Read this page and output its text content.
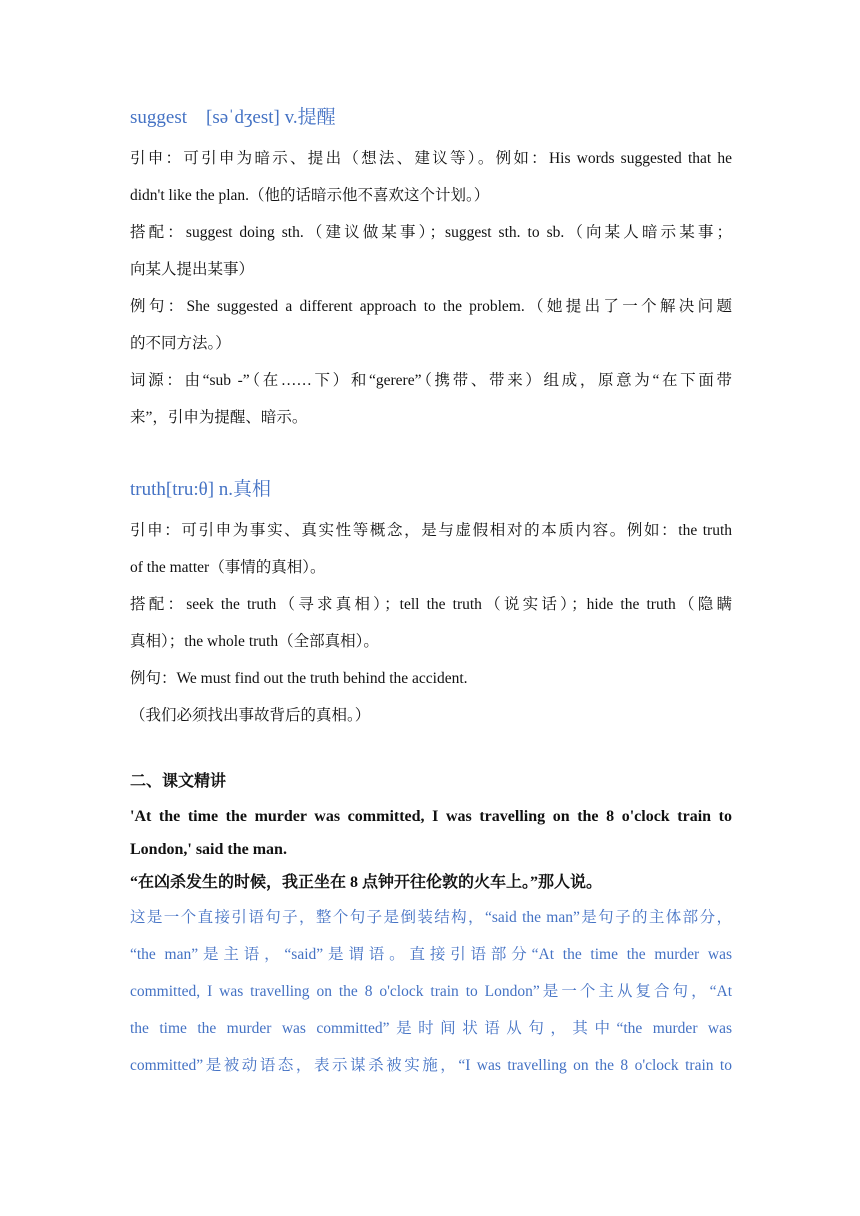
suggest    [səˈdʒest] v.提醒
引申：可引申为暗示、提出（想法、建议等）。例如：His words suggested that he
didn't like the plan.（他的话暗示他不喜欢这个计划。）
搭配：suggest doing sth.（建议做某事）；suggest sth. to sb.（向某人暗示某事；
向某人提出某事）
例句：She suggested a different approach to the problem.（她提出了一个解决问题
的不同方法。）
词源：由“sub -”（在……下）和“gerere”（携带、带来）组成，原意为“在下面带
来”，引申为提醒、暗示。
truth[tru:θ] n.真相
引申：可引申为事实、真实性等概念，是与虚假相对的本质内容。例如：the truth
of the matter（事情的真相）。
搭配：seek the truth（寻求真相）；tell the truth（说实话）；hide the truth（隐瞒
真相）；the whole truth（全部真相）。
例句：We must find out the truth behind the accident.
（我们必须找出事故背后的真相。）
二、课文精讲
'At the time the murder was committed, I was travelling on the 8 o'clock train to
London,' said the man.
“在凶杀发生的时候，我正坐在 8 点钟开往伦敦的火车上。”那人说。
这是一个直接引语句子，整个句子是倒装结构，“said the man”是句子的主体部分，
“the man”是主语，“said”是谓语。直接引语部分“At the time the murder was
committed, I was travelling on the 8 o'clock train to London”是一个主从复合句，“At
the time the murder was committed”是时间状语从句，其中“the murder was
committed”是被动语态，表示谋杀被实施，“I was travelling on the 8 o'clock train to
